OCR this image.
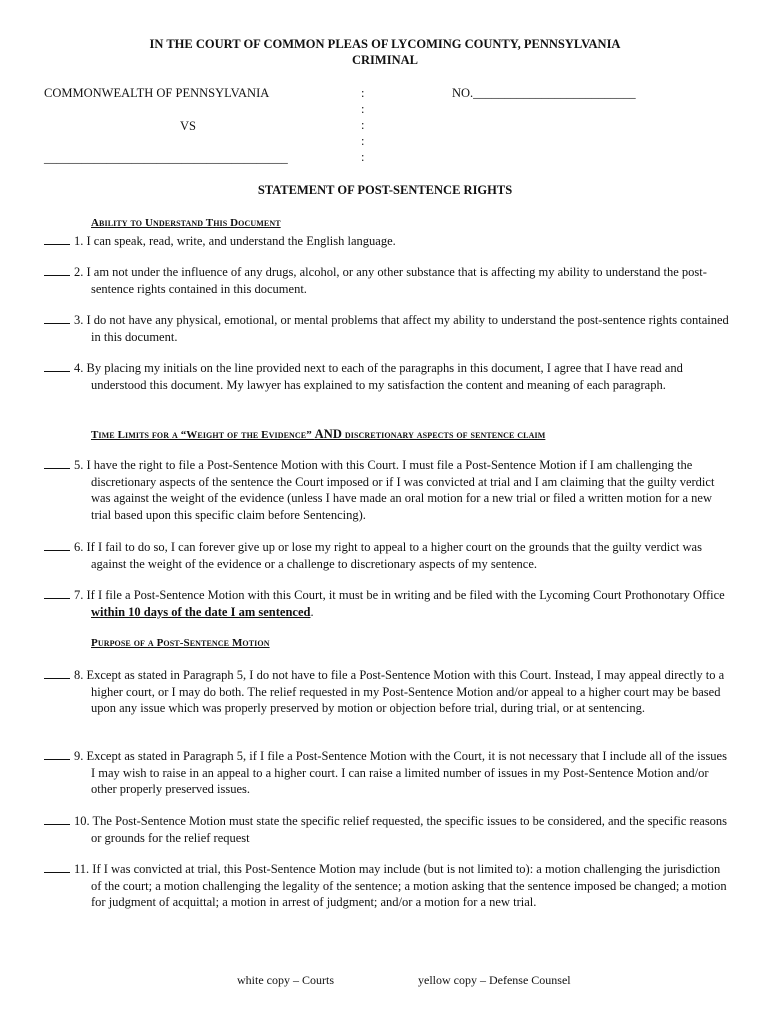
IN THE COURT OF COMMON PLEAS OF LYCOMING COUNTY, PENNSYLVANIA
CRIMINAL
COMMONWEALTH OF PENNSYLVANIA
VS
_______________________________________
NO.__________________________
:
:
:
:
:
STATEMENT OF POST-SENTENCE RIGHTS
Ability to Understand This Document
1. I can speak, read, write, and understand the English language.
2. I am not under the influence of any drugs, alcohol, or any other substance that is affecting my ability to understand the post-sentence rights contained in this document.
3. I do not have any physical, emotional, or mental problems that affect my ability to understand the post-sentence rights contained in this document.
4. By placing my initials on the line provided next to each of the paragraphs in this document, I agree that I have read and understood this document. My lawyer has explained to my satisfaction the content and meaning of each paragraph.
Time Limits for a “Weight of the Evidence” AND discretionary aspects of sentence claim
5. I have the right to file a Post-Sentence Motion with this Court. I must file a Post-Sentence Motion if I am challenging the discretionary aspects of the sentence the Court imposed or if I was convicted at trial and I am claiming that the guilty verdict was against the weight of the evidence (unless I have made an oral motion for a new trial or filed a written motion for a new trial based upon this specific claim before Sentencing).
6. If I fail to do so, I can forever give up or lose my right to appeal to a higher court on the grounds that the guilty verdict was against the weight of the evidence or a challenge to discretionary aspects of my sentence.
7. If I file a Post-Sentence Motion with this Court, it must be in writing and be filed with the Lycoming Court Prothonotary Office within 10 days of the date I am sentenced.
Purpose of a Post-Sentence Motion
8. Except as stated in Paragraph 5, I do not have to file a Post-Sentence Motion with this Court. Instead, I may appeal directly to a higher court, or I may do both. The relief requested in my Post-Sentence Motion and/or appeal to a higher court may be based upon any issue which was properly preserved by motion or objection before trial, during trial, or at sentencing.
9. Except as stated in Paragraph 5, if I file a Post-Sentence Motion with the Court, it is not necessary that I include all of the issues I may wish to raise in an appeal to a higher court. I can raise a limited number of issues in my Post-Sentence Motion and/or other properly preserved issues.
10. The Post-Sentence Motion must state the specific relief requested, the specific issues to be considered, and the specific reasons or grounds for the relief request
11. If I was convicted at trial, this Post-Sentence Motion may include (but is not limited to): a motion challenging the jurisdiction of the court; a motion challenging the legality of the sentence; a motion asking that the sentence imposed be changed; a motion for judgment of acquittal; a motion in arrest of judgment; and/or a motion for a new trial.
white copy – Courts	yellow copy – Defense Counsel
